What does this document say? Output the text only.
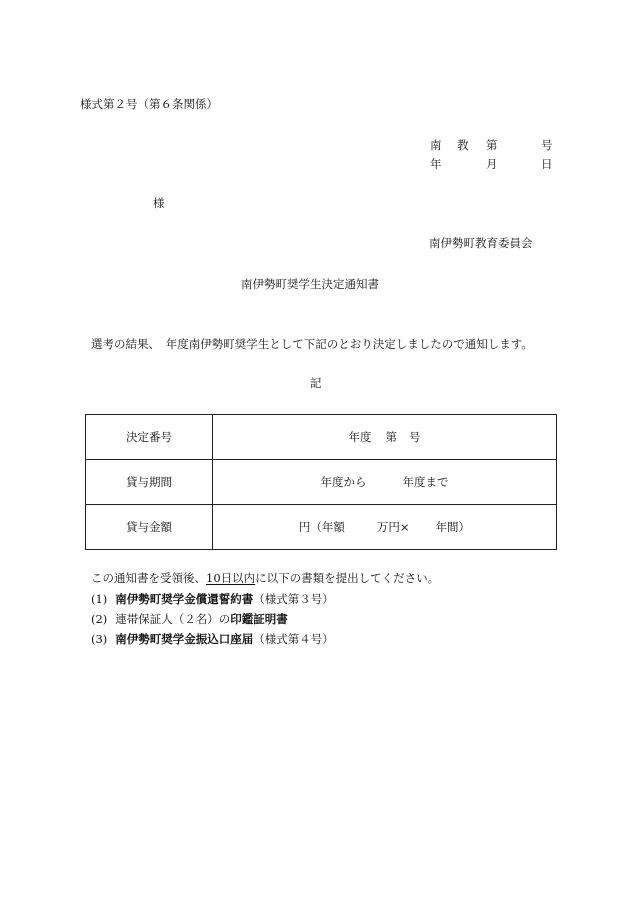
様式第２号（第６条関係）
南 教 第	号
年	月	日
様
南伊勢町教育委員会
南伊勢町奨学生決定通知書
選考の結果、　年度南伊勢町奨学生として下記のとおり決定しましたので通知します。
記
決定番号	年度 第 号
貸与期間	年度から 年度まで
貸与金額	円（年額 万円× 年間）
この通知書を受領後、10日以内に以下の書類を提出してください。
(1) 南伊勢町奨学金償還誓約書（様式第３号）
(2) 連帯保証人（２名）の印鑑証明書
(3) 南伊勢町奨学金振込口座届（様式第４号）
